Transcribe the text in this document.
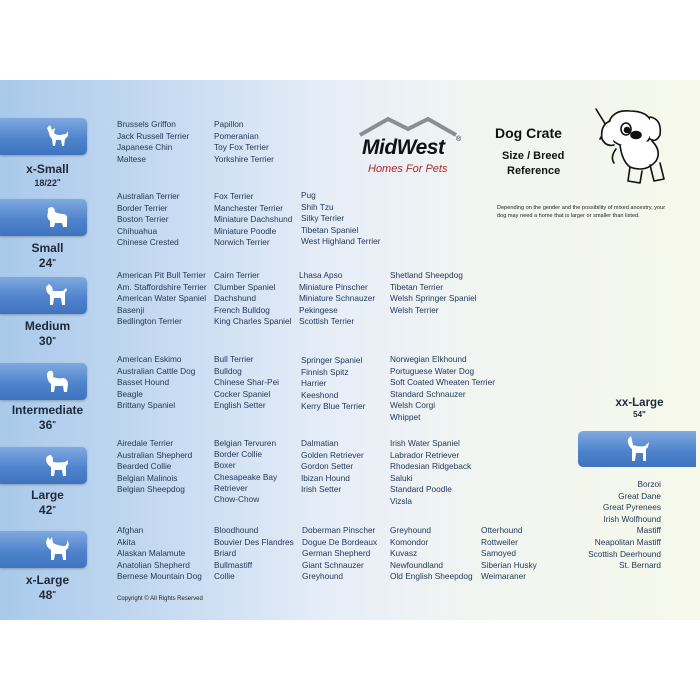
x-Small
18/22"
Small
24"
Medium
30"
Intermediate
36"
Large
42"
x-Large
48"
Brussels Griffon
Jack Russell Terrier
Japanese Chin
Maltese
Papillon
Pomeranian
Toy Fox Terrier
Yorkshire Terrier
Australian Terrier
Border Terrier
Boston Terrier
Chihuahua
Chinese Crested
Fox Terrier
Manchester Terrier
Miniature Dachshund
Miniature Poodle
Norwich Terrier
Pug
Shih Tzu
Silky Terrier
Tibetan Spaniel
West Highland Terrier
American Pit Bull Terrier
Am. Staffordshire Terrier
American Water Spaniel
Basenji
Bedlington Terrier
Cairn Terrier
Clumber Spaniel
Dachshund
French Bulldog
King Charles Spaniel
Lhasa Apso
Miniature Pinscher
Miniature Schnauzer
Pekingese
Scottish Terrier
Shetland Sheepdog
Tibetan Terrier
Welsh Springer Spaniel
Welsh Terrier
American Eskimo
Australian Cattle Dog
Basset Hound
Beagle
Brittany Spaniel
Bull Terrier
Bulldog
Chinese Shar-Pei
Cocker Spaniel
English Setter
Springer Spaniel
Finnish Spitz
Harrier
Keeshond
Kerry Blue Terrier
Norwegian Elkhound
Portuguese Water Dog
Soft Coated Wheaten Terrier
Standard Schnauzer
Welsh Corgi
Whippet
Airedale Terrier
Australian Shepherd
Bearded Collie
Belgian Malinois
Belgian Sheepdog
Belgian Tervuren
Border Collie
Boxer
Chesapeake Bay
Retriever
Chow-Chow
Dalmatian
Golden Retriever
Gordon Setter
Ibizan Hound
Irish Setter
Irish Water Spaniel
Labrador Retriever
Rhodesian Ridgeback
Saluki
Standard Poodle
Vizsla
Afghan
Akita
Alaskan Malamute
Anatolian Shepherd
Bernese Mountain Dog
Bloodhound
Bouvier Des Flandres
Briard
Bullmastiff
Collie
Doberman Pinscher
Dogue De Bordeaux
German Shepherd
Giant Schnauzer
Greyhound
Greyhound
Komondor
Kuvasz
Newfoundland
Old English Sheepdog
Otterhound
Rottweiler
Samoyed
Siberian Husky
Weimaraner
MidWest ®
Homes For Pets
Dog Crate
Size / Breed
Reference
Depending on the gender and the possibility of mixed ancestry, your dog may need a home that is larger or smaller than listed.
xx-Large
54"
Borzoi
Great Dane
Great Pyrenees
Irish Wolfhound
Mastiff
Neapolitan Mastiff
Scottish Deerhound
St. Bernard
Copyright © All Rights Reserved
